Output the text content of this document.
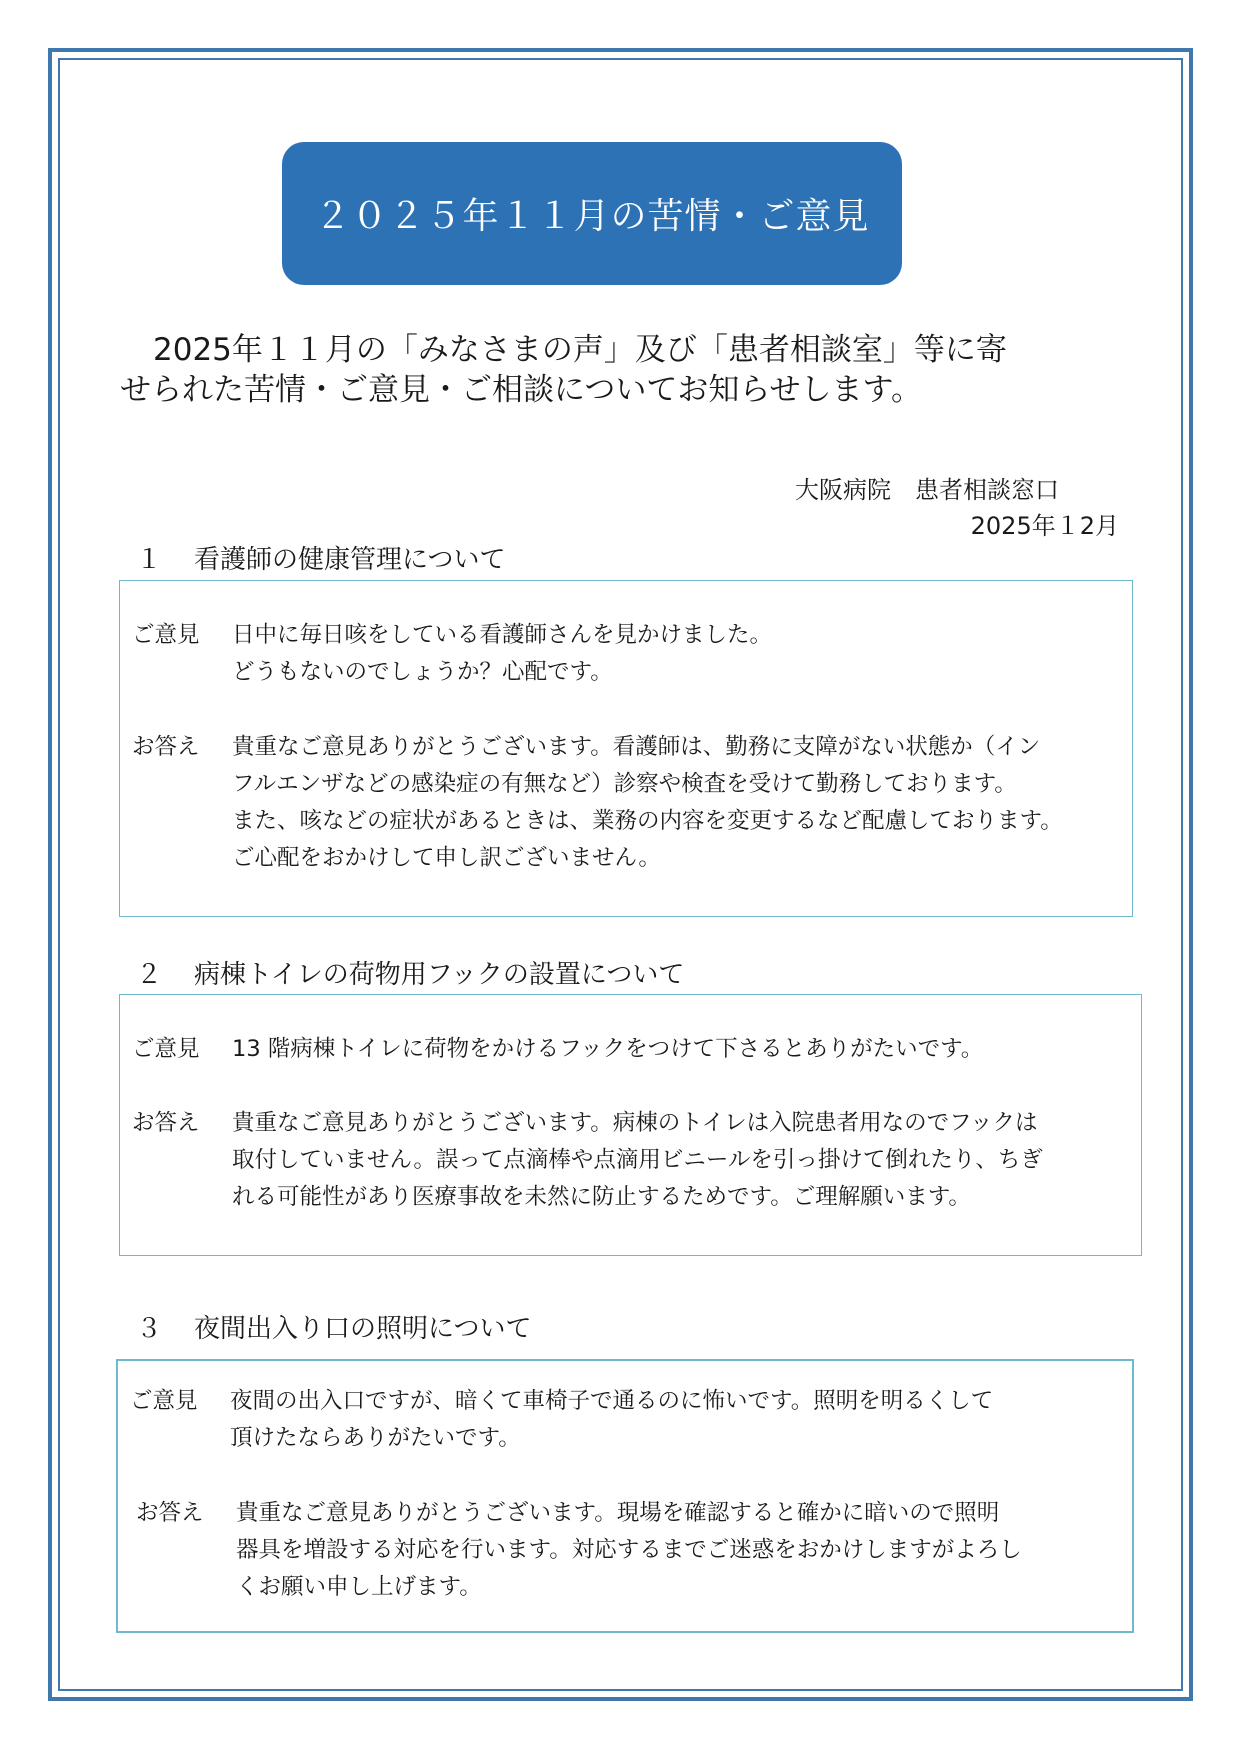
２０２５年１１月の苦情・ご意見
2025年１１月の「みなさまの声」及び「患者相談室」等に寄
せられた苦情・ご意見・ご相談についてお知らせします。
大阪病院　患者相談窓口
2025年１2月
１ 看護師の健康管理について
ご意見	日中に毎日咳をしている看護師さんを見かけました。
どうもないのでしょうか？心配です。
お答え	貴重なご意見ありがとうございます。看護師は、勤務に支障がない状態か（イン
フルエンザなどの感染症の有無など）診察や検査を受けて勤務しております。
また、咳などの症状があるときは、業務の内容を変更するなど配慮しております。
ご心配をおかけして申し訳ございません。
２ 病棟トイレの荷物用フックの設置について
ご意見	13 階病棟トイレに荷物をかけるフックをつけて下さるとありがたいです。
お答え	貴重なご意見ありがとうございます。病棟のトイレは入院患者用なのでフックは
取付していません。誤って点滴棒や点滴用ビニールを引っ掛けて倒れたり、ちぎ
れる可能性があり医療事故を未然に防止するためです。ご理解願います。
３ 夜間出入り口の照明について
ご意見	夜間の出入口ですが、暗くて車椅子で通るのに怖いです。照明を明るくして
頂けたならありがたいです。
お答え	貴重なご意見ありがとうございます。現場を確認すると確かに暗いので照明
器具を増設する対応を行います。対応するまでご迷惑をおかけしますがよろし
くお願い申し上げます。
